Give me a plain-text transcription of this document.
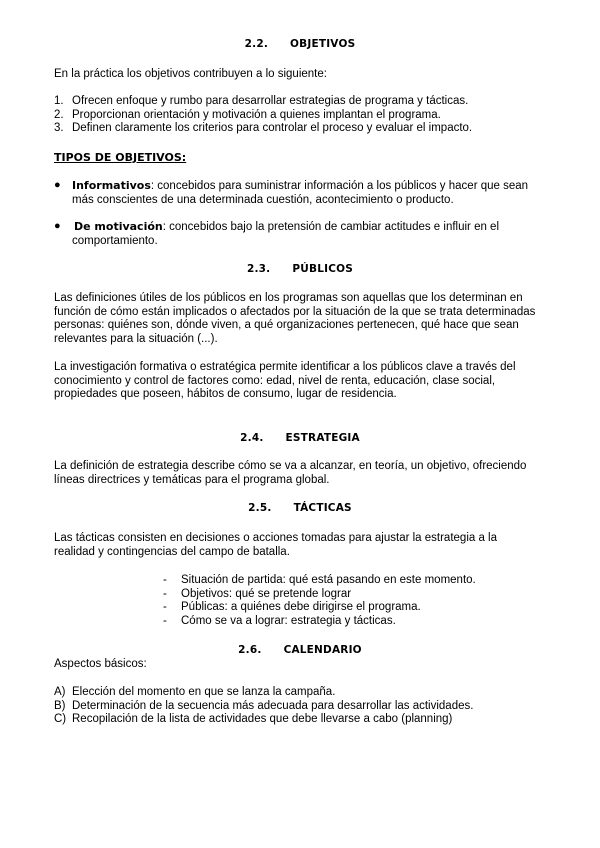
2.2. OBJETIVOS
En la práctica los objetivos contribuyen a lo siguiente:
1. Ofrecen enfoque y rumbo para desarrollar estrategias de programa y tácticas.
2. Proporcionan orientación y motivación a quienes implantan el programa.
3. Definen claramente los criterios para controlar el proceso y evaluar el impacto.
TIPOS DE OBJETIVOS:
●	Informativos: concebidos para suministrar información a los públicos y hacer que sean
más conscientes de una determinada cuestión, acontecimiento o producto.
●	De motivación: concebidos bajo la pretensión de cambiar actitudes e influir en el
comportamiento.
2.3. PÚBLICOS
Las definiciones útiles de los públicos en los programas son aquellas que los determinan en
función de cómo están implicados o afectados por la situación de la que se trata determinadas
personas: quiénes son, dónde viven, a qué organizaciones pertenecen, qué hace que sean
relevantes para la situación (...).
La investigación formativa o estratégica permite identificar a los públicos clave a través del
conocimiento y control de factores como: edad, nivel de renta, educación, clase social,
propiedades que poseen, hábitos de consumo, lugar de residencia.
2.4. ESTRATEGIA
La definición de estrategia describe cómo se va a alcanzar, en teoría, un objetivo, ofreciendo
líneas directrices y temáticas para el programa global.
2.5. TÁCTICAS
Las tácticas consisten en decisiones o acciones tomadas para ajustar la estrategia a la
realidad y contingencias del campo de batalla.
- Situación de partida: qué está pasando en este momento.
- Objetivos: qué se pretende lograr
- Públicas: a quiénes debe dirigirse el programa.
- Cómo se va a lograr: estrategia y tácticas.
2.6. CALENDARIO
Aspectos básicos:
A) Elección del momento en que se lanza la campaña.
B) Determinación de la secuencia más adecuada para desarrollar las actividades.
C) Recopilación de la lista de actividades que debe llevarse a cabo (planning)
